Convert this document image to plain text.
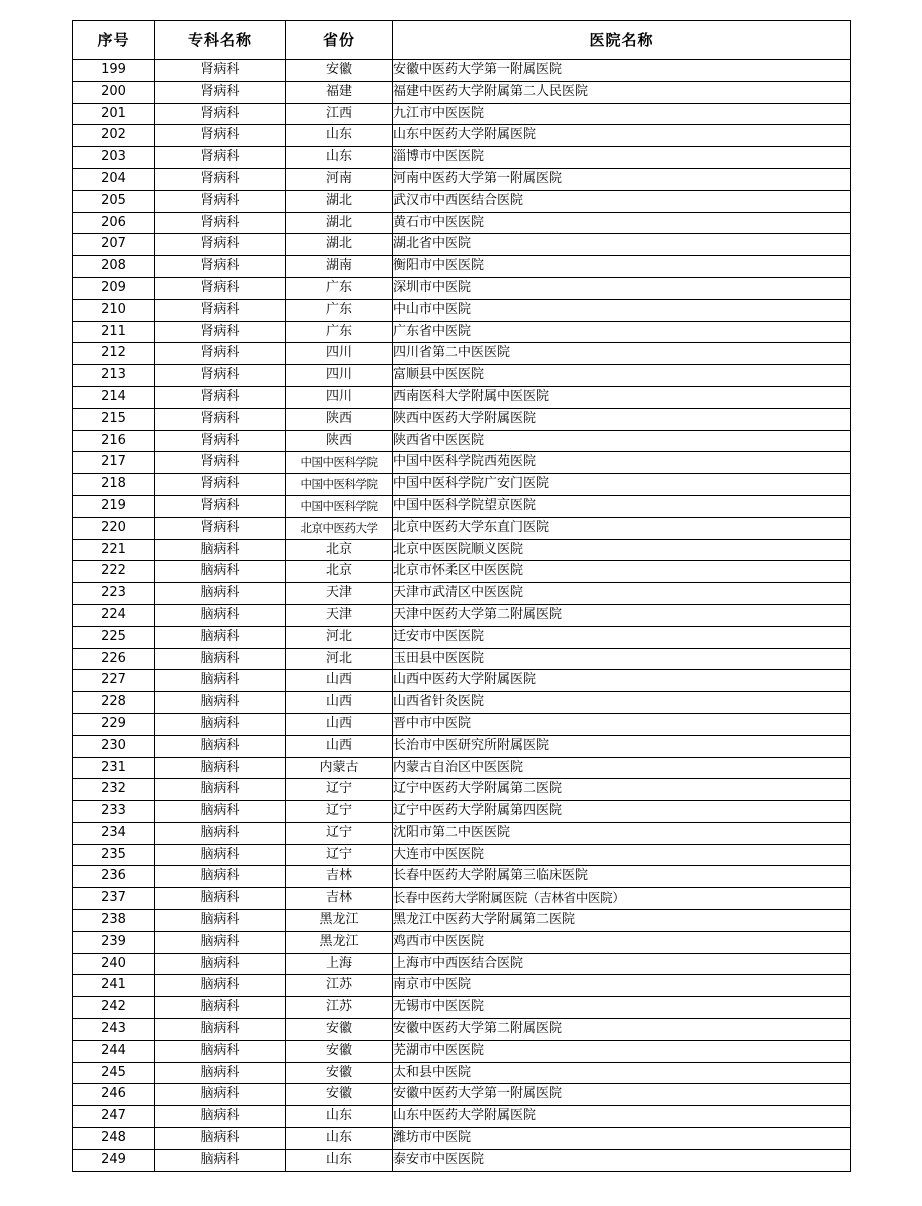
序号	专科名称	省份	医院名称
199	肾病科	安徽	安徽中医药大学第一附属医院
200	肾病科	福建	福建中医药大学附属第二人民医院
201	肾病科	江西	九江市中医医院
202	肾病科	山东	山东中医药大学附属医院
203	肾病科	山东	淄博市中医医院
204	肾病科	河南	河南中医药大学第一附属医院
205	肾病科	湖北	武汉市中西医结合医院
206	肾病科	湖北	黄石市中医医院
207	肾病科	湖北	湖北省中医院
208	肾病科	湖南	衡阳市中医医院
209	肾病科	广东	深圳市中医院
210	肾病科	广东	中山市中医院
211	肾病科	广东	广东省中医院
212	肾病科	四川	四川省第二中医医院
213	肾病科	四川	富顺县中医医院
214	肾病科	四川	西南医科大学附属中医医院
215	肾病科	陕西	陕西中医药大学附属医院
216	肾病科	陕西	陕西省中医医院
217	肾病科	中国中医科学院	中国中医科学院西苑医院
218	肾病科	中国中医科学院	中国中医科学院广安门医院
219	肾病科	中国中医科学院	中国中医科学院望京医院
220	肾病科	北京中医药大学	北京中医药大学东直门医院
221	脑病科	北京	北京中医医院顺义医院
222	脑病科	北京	北京市怀柔区中医医院
223	脑病科	天津	天津市武清区中医医院
224	脑病科	天津	天津中医药大学第二附属医院
225	脑病科	河北	迁安市中医医院
226	脑病科	河北	玉田县中医医院
227	脑病科	山西	山西中医药大学附属医院
228	脑病科	山西	山西省针灸医院
229	脑病科	山西	晋中市中医院
230	脑病科	山西	长治市中医研究所附属医院
231	脑病科	内蒙古	内蒙古自治区中医医院
232	脑病科	辽宁	辽宁中医药大学附属第二医院
233	脑病科	辽宁	辽宁中医药大学附属第四医院
234	脑病科	辽宁	沈阳市第二中医医院
235	脑病科	辽宁	大连市中医医院
236	脑病科	吉林	长春中医药大学附属第三临床医院
237	脑病科	吉林	长春中医药大学附属医院（吉林省中医院）
238	脑病科	黑龙江	黑龙江中医药大学附属第二医院
239	脑病科	黑龙江	鸡西市中医医院
240	脑病科	上海	上海市中西医结合医院
241	脑病科	江苏	南京市中医院
242	脑病科	江苏	无锡市中医医院
243	脑病科	安徽	安徽中医药大学第二附属医院
244	脑病科	安徽	芜湖市中医医院
245	脑病科	安徽	太和县中医院
246	脑病科	安徽	安徽中医药大学第一附属医院
247	脑病科	山东	山东中医药大学附属医院
248	脑病科	山东	潍坊市中医院
249	脑病科	山东	泰安市中医医院
